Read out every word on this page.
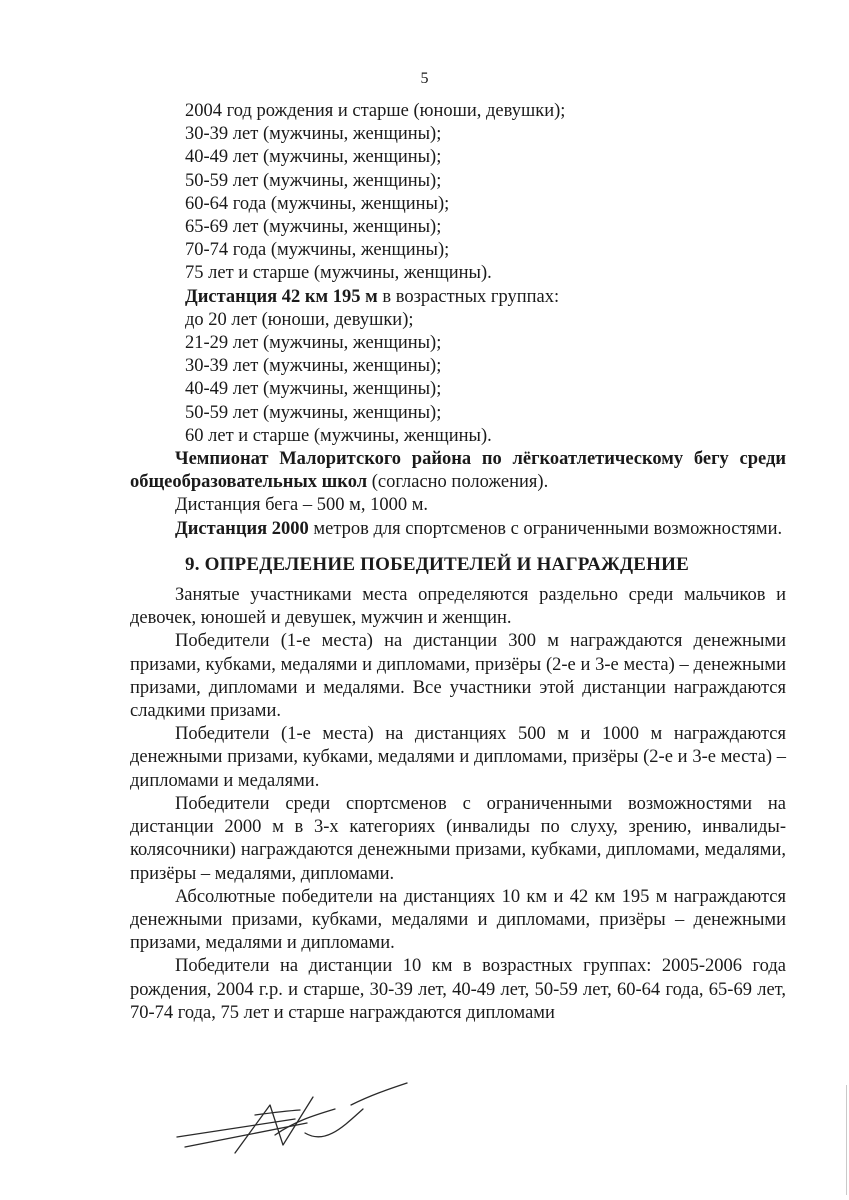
5

2004 год рождения и старше (юноши, девушки);

30-39 лет (мужчины, женщины);

40-49 лет (мужчины, женщины);

50-59 лет (мужчины, женщины);

60-64 года (мужчины, женщины);

65-69 лет (мужчины, женщины);

70-74 года (мужчины, женщины);

75 лет и старше (мужчины, женщины).

Дистанция 42 км 195 м в возрастных группах:

до 20 лет (юноши, девушки);

21-29 лет (мужчины, женщины);

30-39 лет (мужчины, женщины);

40-49 лет (мужчины, женщины);

50-59 лет (мужчины, женщины);

60 лет и старше (мужчины, женщины).

Чемпионат Малоритского района по лёгкоатлетическому бегу среди общеобразовательных школ (согласно положения).

Дистанция бега – 500 м, 1000 м.

Дистанция 2000 метров для спортсменов с ограниченными возможностями.

9. ОПРЕДЕЛЕНИЕ ПОБЕДИТЕЛЕЙ И НАГРАЖДЕНИЕ

Занятые участниками места определяются раздельно среди мальчиков и девочек, юношей и девушек, мужчин и женщин.

Победители (1-е места) на дистанции 300 м награждаются денежными призами, кубками, медалями и дипломами, призёры (2-е и 3-е места) – денежными призами, дипломами и медалями. Все участники этой дистанции награждаются сладкими призами.

Победители (1-е места) на дистанциях 500 м и 1000 м награждаются денежными призами, кубками, медалями и дипломами, призёры (2-е и 3-е места) – дипломами и медалями.

Победители среди спортсменов с ограниченными возможностями на дистанции 2000 м в 3-х категориях (инвалиды по слуху, зрению, инвалиды-колясочники) награждаются денежными призами, кубками, дипломами, медалями, призёры – медалями, дипломами.

Абсолютные победители на дистанциях 10 км и 42 км 195 м награждаются денежными призами, кубками, медалями и дипломами, призёры – денежными призами, медалями и дипломами.

Победители на дистанции 10 км в возрастных группах: 2005-2006 года рождения, 2004 г.р. и старше, 30-39 лет, 40-49 лет, 50-59 лет, 60-64 года, 65-69 лет, 70-74 года, 75 лет и старше награждаются дипломами
